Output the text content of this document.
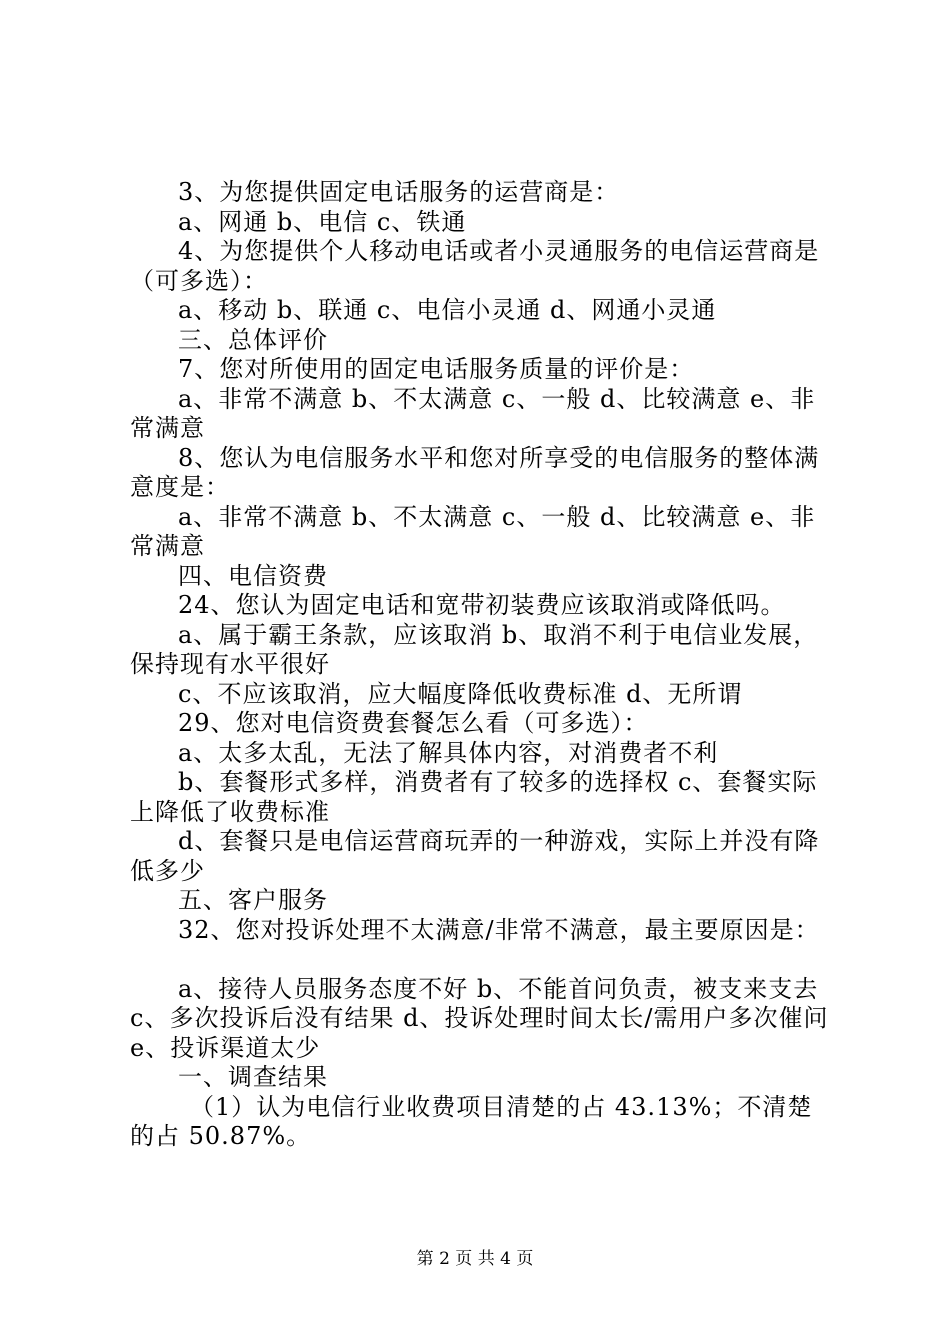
3、为您提供固定电话服务的运营商是：

a、网通 b、电信 c、铁通

4、为您提供个人移动电话或者小灵通服务的电信运营商是（可多选）：

a、移动 b、联通 c、电信小灵通 d、网通小灵通

三、总体评价

7、您对所使用的固定电话服务质量的评价是：

a、非常不满意 b、不太满意 c、一般 d、比较满意 e、非常满意

8、您认为电信服务水平和您对所享受的电信服务的整体满意度是：

a、非常不满意 b、不太满意 c、一般 d、比较满意 e、非常满意

四、电信资费

24、您认为固定电话和宽带初装费应该取消或降低吗。

a、属于霸王条款，应该取消 b、取消不利于电信业发展，保持现有水平很好

c、不应该取消，应大幅度降低收费标准 d、无所谓

29、您对电信资费套餐怎么看（可多选）：

a、太多太乱，无法了解具体内容，对消费者不利

b、套餐形式多样，消费者有了较多的选择权 c、套餐实际上降低了收费标准

d、套餐只是电信运营商玩弄的一种游戏，实际上并没有降低多少

五、客户服务

32、您对投诉处理不太满意/非常不满意，最主要原因是：

a、接待人员服务态度不好 b、不能首问负责，被支来支去 c、多次投诉后没有结果 d、投诉处理时间太长/需用户多次催问 e、投诉渠道太少

一、调查结果

（1）认为电信行业收费项目清楚的占 43.13%；不清楚的占 50.87%。

第 2 页 共 4 页
